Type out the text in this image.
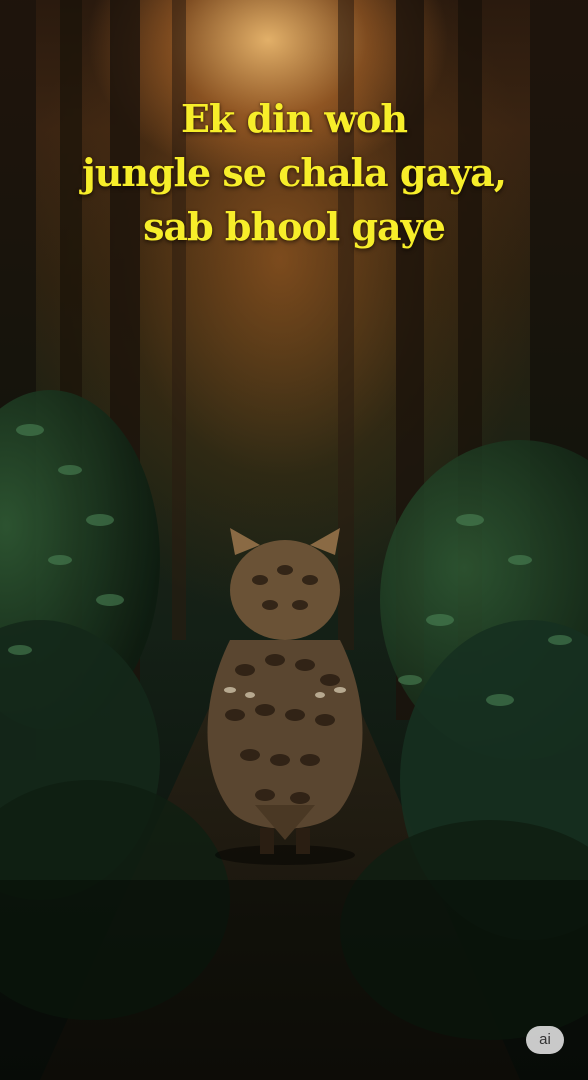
Ek din woh
jungle se chala gaya,
sab bhool gaye
ai
